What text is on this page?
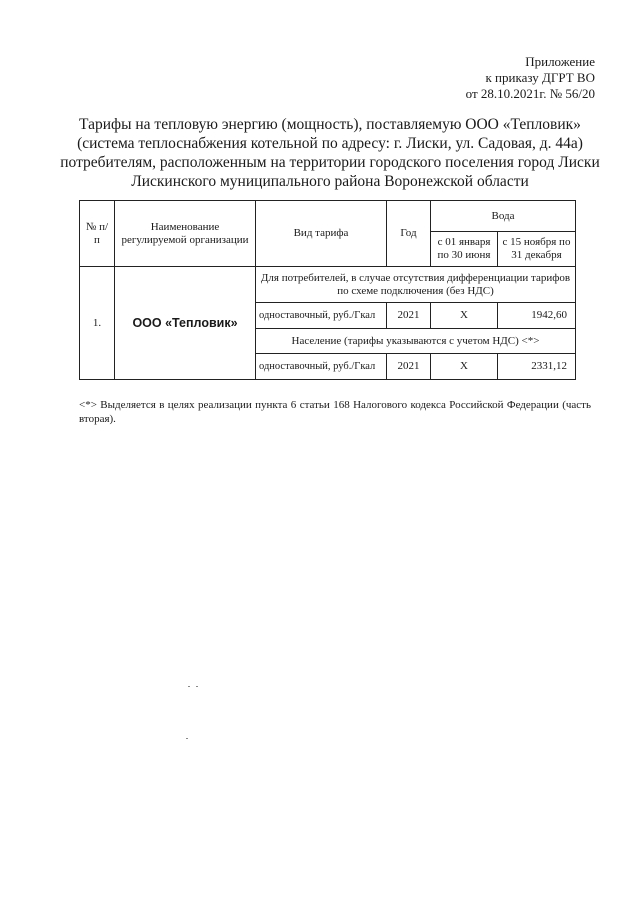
Приложение
к приказу ДГРТ ВО
от 28.10.2021г. № 56/20
Тарифы на тепловую энергию (мощность), поставляемую ООО «Тепловик»
(система теплоснабжения котельной по адресу: г. Лиски, ул. Садовая, д. 44а)
потребителям, расположенным на территории городского поселения город Лиски
Лискинского муниципального района Воронежской области
№ п/п	Наименование регулируемой организации	Вид тарифа	Год	Вода	
				с 01 января по 30 июня	с 15 ноября по 31 декабря
1.	ООО «Тепловик»	Для потребителей, в случае отсутствия дифференциации тарифов по схеме подключения (без НДС)			
		одноставочный, руб./Гкал	2021	Х	1942,60
		Население (тарифы указываются с учетом НДС) <*>			
		одноставочный, руб./Гкал	2021	Х	2331,12
<*> Выделяется в целях реализации пункта 6 статьи 168 Налогового кодекса Российской Федерации (часть вторая).
